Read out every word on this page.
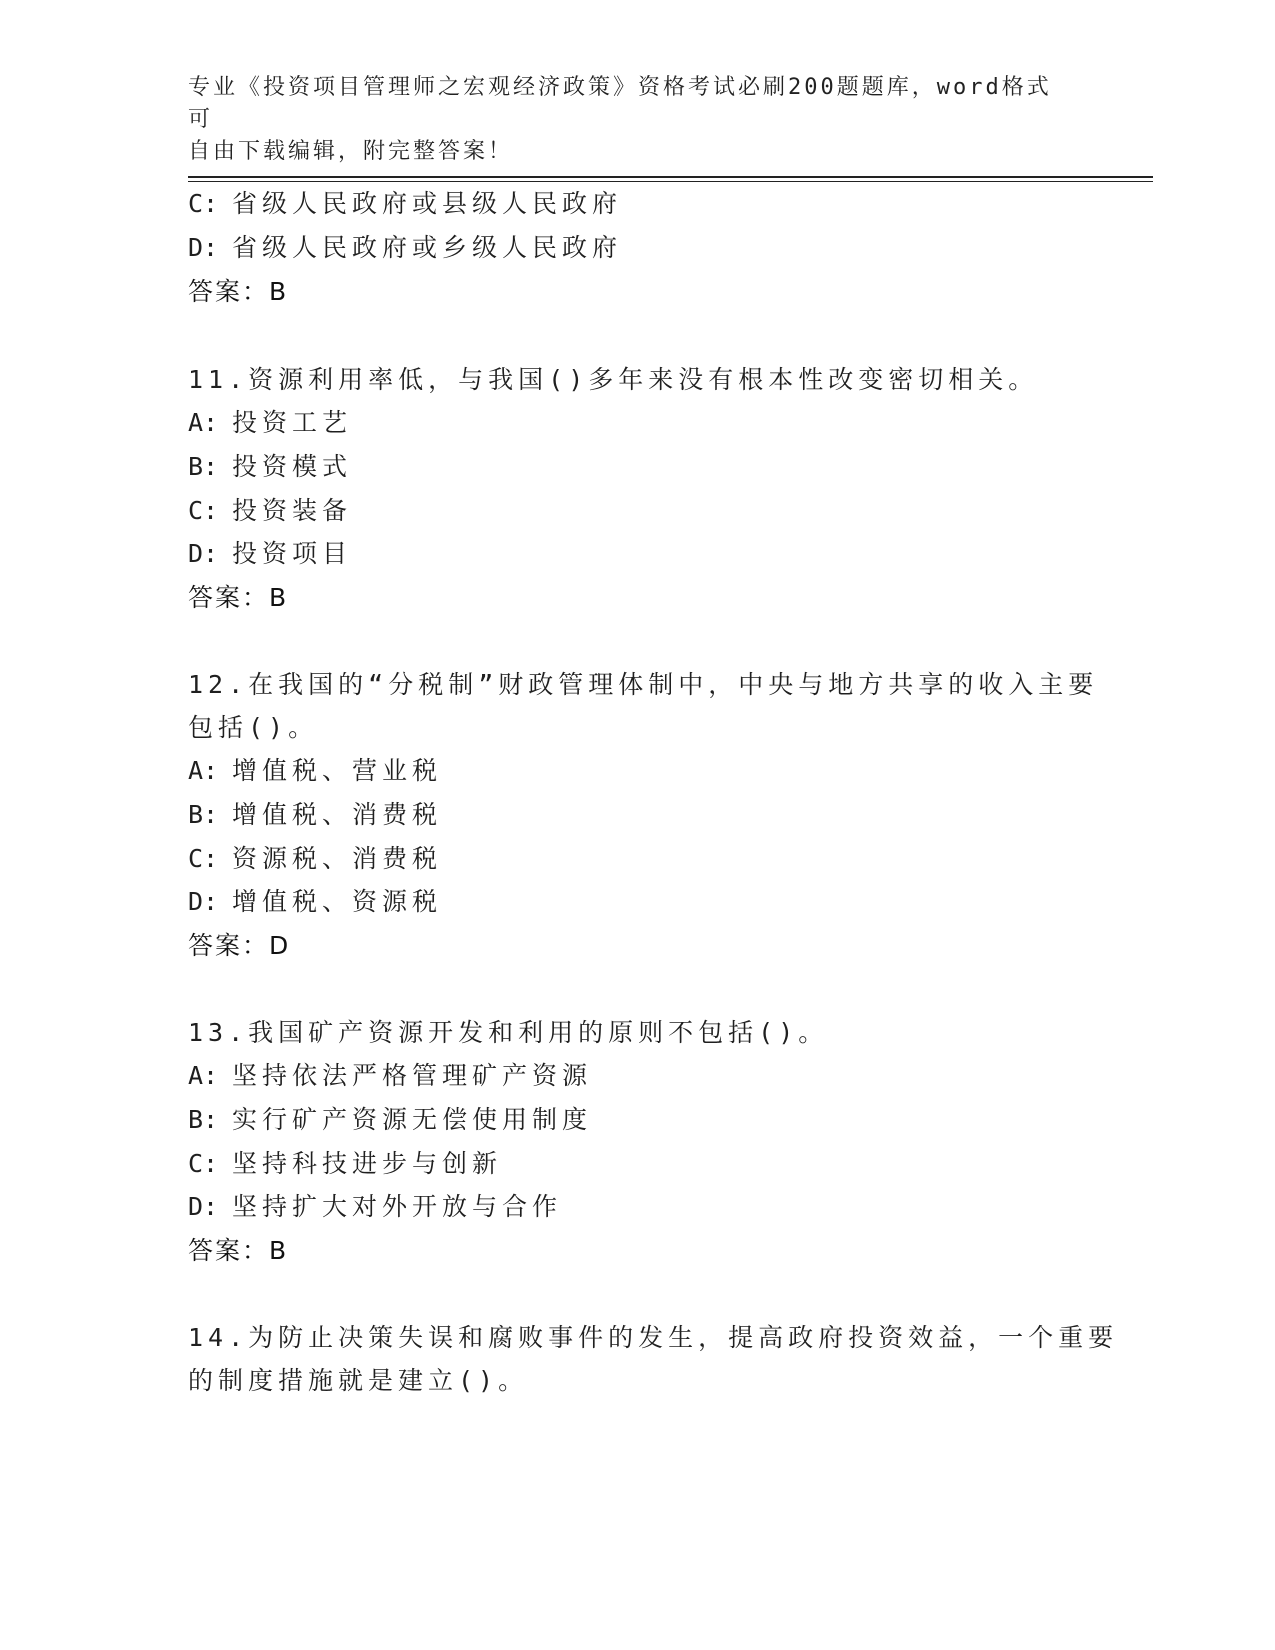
专业《投资项目管理师之宏观经济政策》资格考试必刷200题题库，word格式可
自由下载编辑，附完整答案！
C: 省级人民政府或县级人民政府
D: 省级人民政府或乡级人民政府
答案：B
11.资源利用率低，与我国()多年来没有根本性改变密切相关。
A: 投资工艺
B: 投资模式
C: 投资装备
D: 投资项目
答案：B
12.在我国的“分税制”财政管理体制中，中央与地方共享的收入主要
包括()。
A: 增值税、营业税
B: 增值税、消费税
C: 资源税、消费税
D: 增值税、资源税
答案：D
13.我国矿产资源开发和利用的原则不包括()。
A: 坚持依法严格管理矿产资源
B: 实行矿产资源无偿使用制度
C: 坚持科技进步与创新
D: 坚持扩大对外开放与合作
答案：B
14.为防止决策失误和腐败事件的发生，提高政府投资效益，一个重要
的制度措施就是建立()。
